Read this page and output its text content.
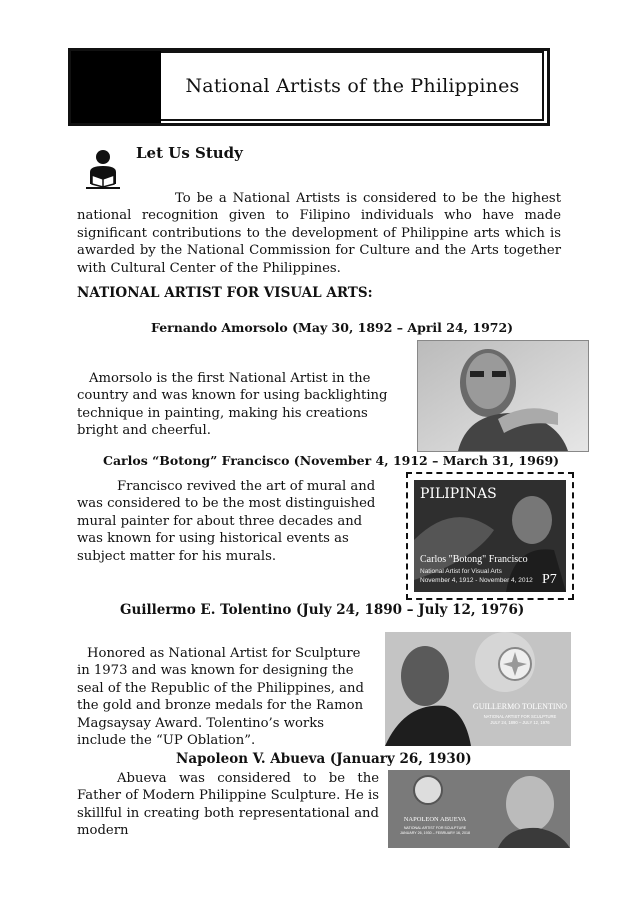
National Artists of the Philippines
Let Us Study
To be a National Artists is considered to be the highest national recognition given to Filipino individuals who have made significant contributions to the development of Philippine arts which is awarded by the National Commission for Culture and the Arts together with Cultural Center of the Philippines.
NATIONAL ARTIST FOR VISUAL ARTS:
Fernando Amorsolo (May 30, 1892 – April 24, 1972)
Amorsolo is the first National Artist in the country and was known for using backlighting technique in painting, making his creations bright and cheerful.
Carlos “Botong” Francisco (November 4, 1912 – March 31, 1969)
Francisco revived the art of mural and was considered to be the most distinguished mural painter for about three decades and was known for using historical events as subject matter for his murals.
PILIPINAS
Carlos "Botong" Francisco
National Artist for Visual Arts
November 4, 1912 - November 4, 2012 P7
Guillermo E. Tolentino (July 24, 1890 – July 12, 1976)
Honored as National Artist for Sculpture in 1973 and was known for designing the seal of the Republic of the Philippines, and the gold and bronze medals for the Ramon Magsaysay Award. Tolentino’s works include the “UP Oblation”.
GUILLERMO TOLENTINO
NATIONAL ARTIST FOR SCULPTURE
JULY 24, 1890 – JULY 12, 1976
Napoleon V. Abueva (January 26, 1930)
Abueva was considered to be the Father of Modern Philippine Sculpture. He is skillful in creating both representational and modern
NAPOLEON ABUEVA
NATIONAL ARTIST FOR SCULPTURE
JANUARY 26, 1930 – FEBRUARY 16, 2018
